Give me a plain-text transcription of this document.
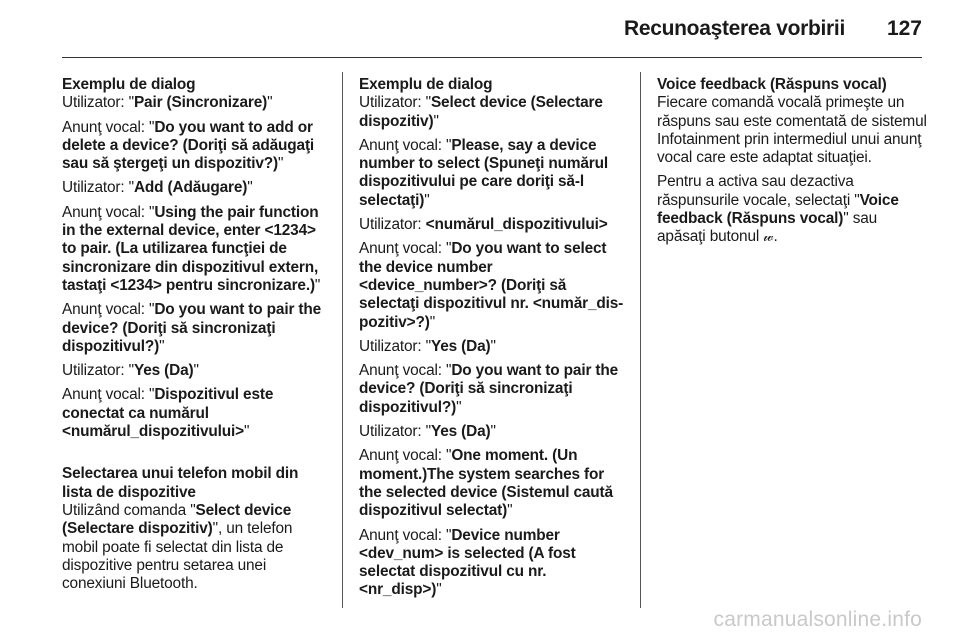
Recunoaşterea vorbirii 127

Exemplu de dialog

Utilizator: "Pair (Sincronizare)"

Anunţ vocal: "Do you want to add or delete a device? (Doriţi să adăugaţi sau să ştergeţi un dispozitiv?)"

Utilizator: "Add (Adăugare)"

Anunţ vocal: "Using the pair function in the external device, enter <1234> to pair. (La utilizarea funcţiei de sincronizare din dispozitivul extern, tastaţi <1234> pentru sincronizare.)"

Anunţ vocal: "Do you want to pair the device? (Doriţi să sincronizaţi dispozitivul?)"

Utilizator: "Yes (Da)"

Anunţ vocal: "Dispozitivul este conectat ca numărul <numărul_dispozitivului>"

Selectarea unui telefon mobil din lista de dispozitive

Utilizând comanda "Select device (Selectare dispozitiv)", un telefon mobil poate fi selectat din lista de dispozitive pentru setarea unei conexiuni Bluetooth.

Exemplu de dialog

Utilizator: "Select device (Selectare dispozitiv)"

Anunţ vocal: "Please, say a device number to select (Spuneţi numărul dispozitivului pe care doriţi să-l selectaţi)"

Utilizator: <numărul_dispozitivului>

Anunţ vocal: "Do you want to select the device number <device_number>? (Doriţi să selectaţi dispozitivul nr. <număr_dis-pozitiv>?)"

Utilizator: "Yes (Da)"

Anunţ vocal: "Do you want to pair the device? (Doriţi să sincronizaţi dispozitivul?)"

Utilizator: "Yes (Da)"

Anunţ vocal: "One moment. (Un moment.)The system searches for the selected device (Sistemul caută dispozitivul selectat)"

Anunţ vocal: "Device number <dev_num> is selected (A fost selectat dispozitivul cu nr. <nr_disp>)"

Voice feedback (Răspuns vocal)

Fiecare comandă vocală primeşte un răspuns sau este comentată de sistemul Infotainment prin intermediul unui anunţ vocal care este adaptat situaţiei.

Pentru a activa sau dezactiva răspunsurile vocale, selectaţi "Voice feedback (Răspuns vocal)" sau apăsaţi butonul 𝓌.

carmanualsonline.info
